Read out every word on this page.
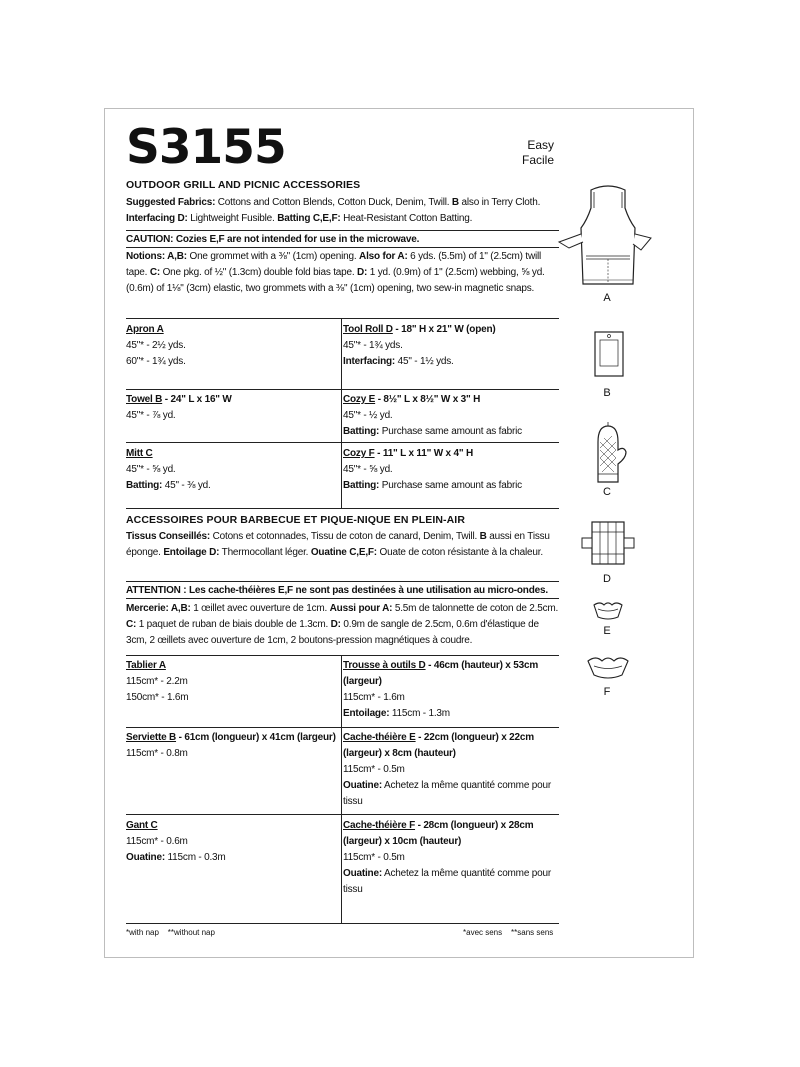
S3155	Easy
Facile
OUTDOOR GRILL AND PICNIC ACCESSORIES
Suggested Fabrics: Cottons and Cotton Blends, Cotton Duck, Denim, Twill. B also in Terry Cloth.
Interfacing D: Lightweight Fusible. Batting C,E,F: Heat-Resistant Cotton Batting.
CAUTION: Cozies E,F are not intended for use in the microwave.
Notions: A,B: One grommet with a ⅜" (1cm) opening. Also for A: 6 yds. (5.5m) of 1" (2.5cm) twill tape. C: One pkg. of ½" (1.3cm) double fold bias tape. D: 1 yd. (0.9m) of 1" (2.5cm) webbing, ⅝ yd. (0.6m) of 1⅛" (3cm) elastic, two grommets with a ⅜" (1cm) opening, two sew-in magnetic snaps.
Apron A
45"* - 2½ yds.
60"* - 1¾ yds.
Tool Roll D - 18" H x 21" W (open)
45"* - 1¾ yds.
Interfacing: 45" - 1½ yds.
Towel B - 24" L x 16" W
45"* - ⅞ yd.
Cozy E - 8½" L x 8½" W x 3" H
45"* - ½ yd.
Batting: Purchase same amount as fabric
Mitt C
45"* - ⅝ yd.
Batting: 45" - ⅜ yd.
Cozy F - 11" L x 11" W x 4" H
45"* - ⅝ yd.
Batting: Purchase same amount as fabric
ACCESSOIRES POUR BARBECUE ET PIQUE-NIQUE EN PLEIN-AIR
Tissus Conseillés: Cotons et cotonnades, Tissu de coton de canard, Denim, Twill. B aussi en Tissu éponge. Entoilage D: Thermocollant léger. Ouatine C,E,F: Ouate de coton résistante à la chaleur.
ATTENTION : Les cache-théières E,F ne sont pas destinées à une utilisation au micro-ondes.
Mercerie: A,B: 1 œillet avec ouverture de 1cm. Aussi pour A: 5.5m de talonnette de coton de 2.5cm. C: 1 paquet de ruban de biais double de 1.3cm. D: 0.9m de sangle de 2.5cm, 0.6m d'élastique de 3cm, 2 œillets avec ouverture de 1cm, 2 boutons-pression magnétiques à coudre.
Tablier A
115cm* - 2.2m
150cm* - 1.6m
Trousse à outils D - 46cm (hauteur) x 53cm (largeur)
115cm* - 1.6m
Entoilage: 115cm - 1.3m
Serviette B - 61cm (longueur) x 41cm (largeur)
115cm* - 0.8m
Cache-théière E - 22cm (longueur) x 22cm (largeur) x 8cm (hauteur)
115cm* - 0.5m
Ouatine: Achetez la même quantité comme pour tissu
Gant C
115cm* - 0.6m
Ouatine: 115cm - 0.3m
Cache-théière F - 28cm (longueur) x 28cm (largeur) x 10cm (hauteur)
115cm* - 0.5m
Ouatine: Achetez la même quantité comme pour tissu
*with nap    **without nap	*avec sens    **sans sens
A
B
C
D
E
F
